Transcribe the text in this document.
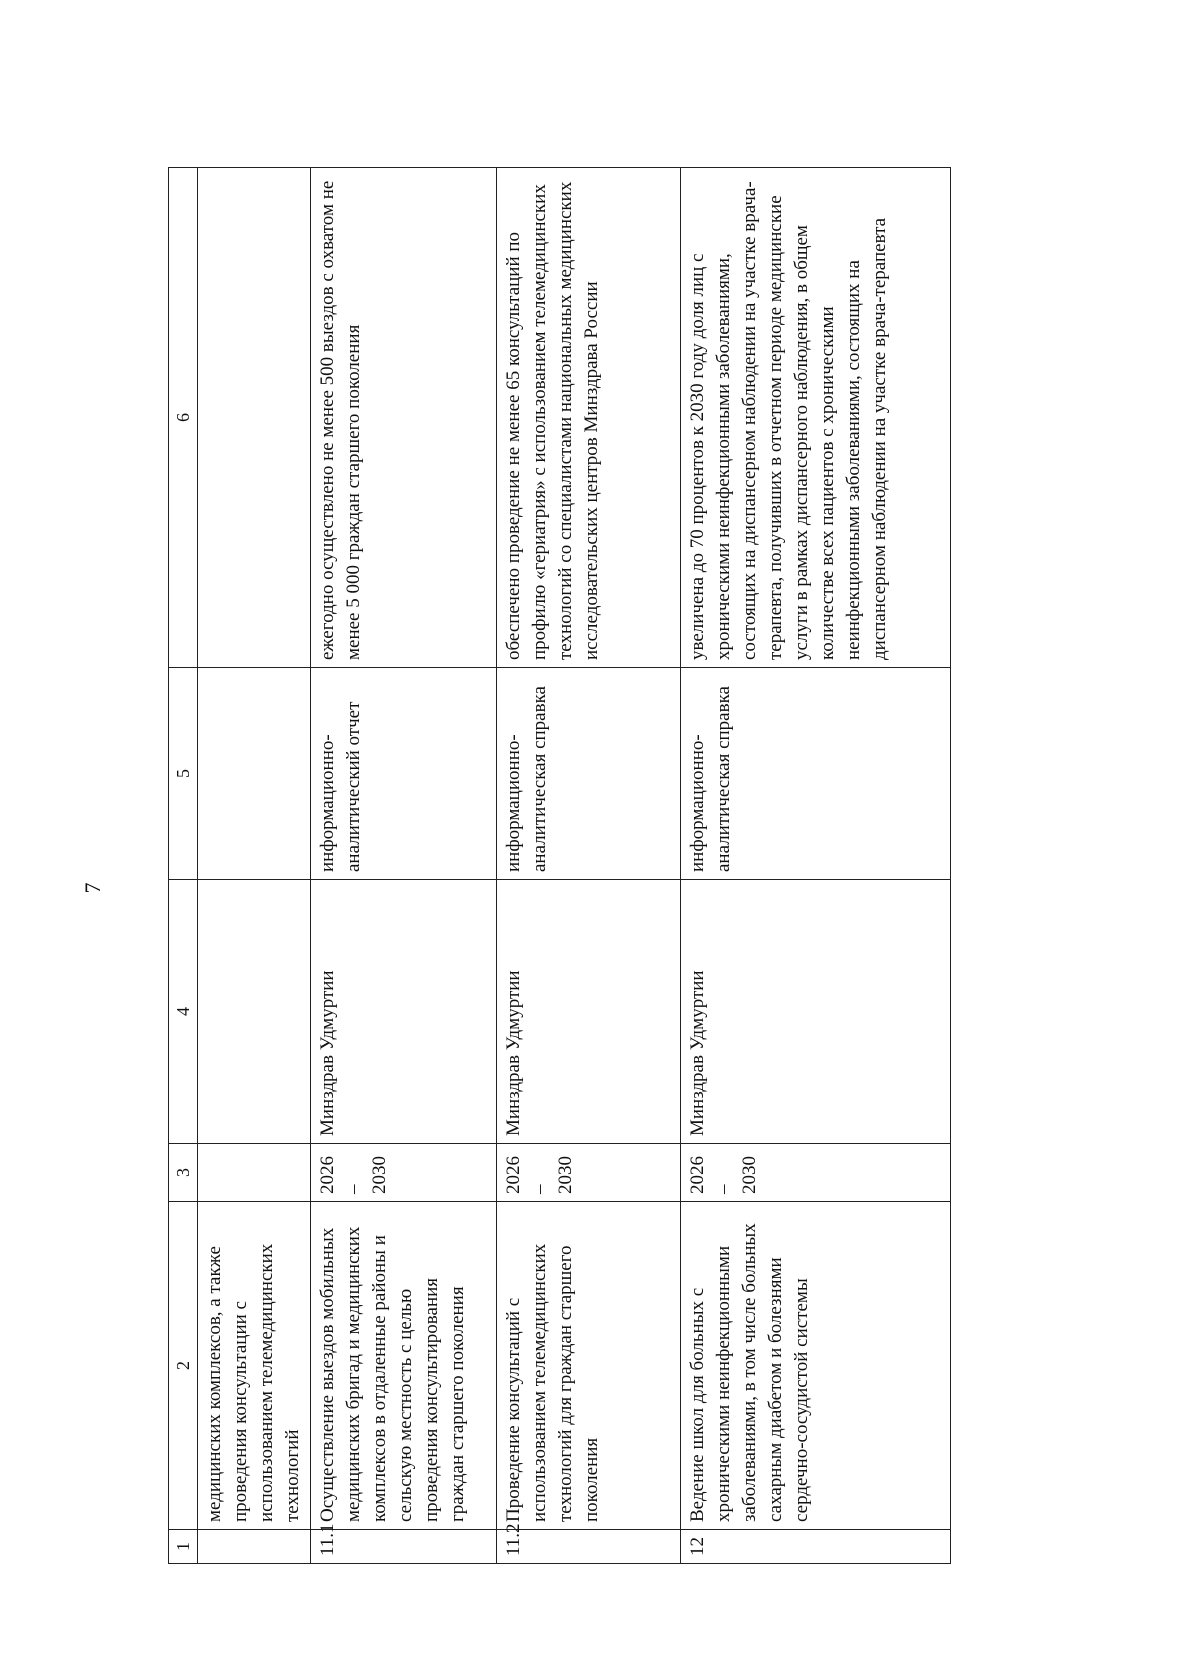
7
1	2	3	4	5	6
	медицинских комплексов, а также проведения консультации с использованием телемедицинских технологий				
11.1	Осуществление выездов мобильных медицинских бригад и медицинских комплексов в отдаленные районы и сельскую местность с целью проведения консультирования граждан старшего поколения	2026 – 2030	Минздрав Удмуртии	информационно-аналитический отчет	ежегодно осуществлено не менее 500 выездов с охватом не менее 5 000 граждан старшего поколения
11.2	Проведение консультаций с использованием телемедицинских технологий для граждан старшего поколения	2026 – 2030	Минздрав Удмуртии	информационно-аналитическая справка	обеспечено проведение не менее 65 консультаций по профилю «гериатрия» с использованием телемедицинских технологий со специалистами национальных медицинских исследовательских центров Минздрава России
12	Ведение школ для больных с хроническими неинфекционными заболеваниями, в том числе больных сахарным диабетом и болезнями сердечно-сосудистой системы	2026 – 2030	Минздрав Удмуртии	информационно-аналитическая справка	увеличена до 70 процентов к 2030 году доля лиц с хроническими неинфекционными заболеваниями, состоящих на диспансерном наблюдении на участке врача-терапевта, получивших в отчетном периоде медицинские услуги в рамках диспансерного наблюдения, в общем количестве всех пациентов с хроническими неинфекционными заболеваниями, состоящих на диспансерном наблюдении на участке врача-терапевта
